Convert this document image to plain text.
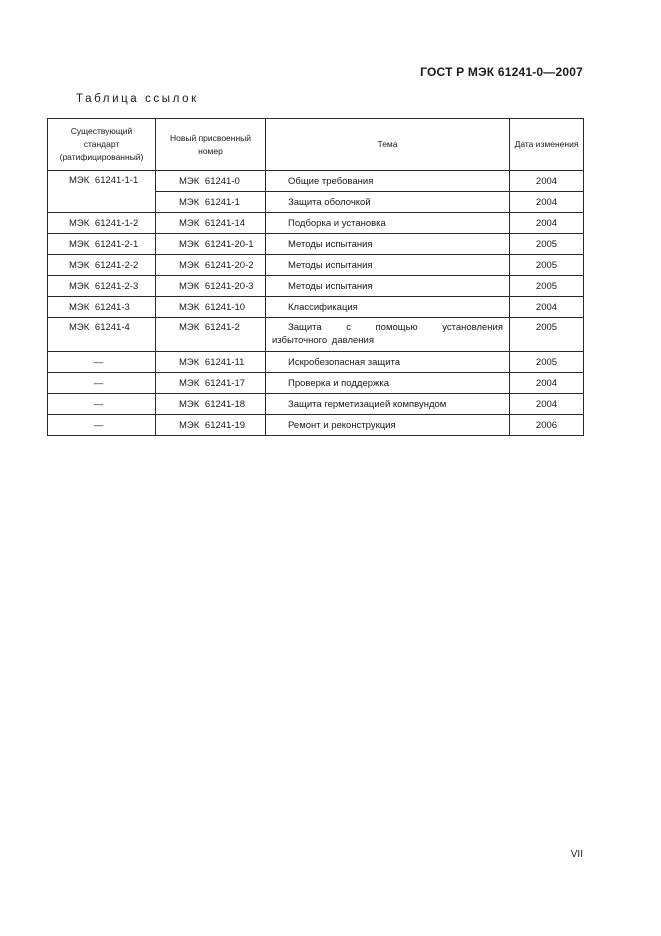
ГОСТ Р МЭК 61241-0—2007
Таблица ссылок
Существующий стандарт (ратифицированный)	Новый присвоенный номер	Тема	Дата изменения
МЭК 61241-1-1	МЭК 61241-0	Общие требования	2004
	МЭК 61241-1	Защита оболочкой	2004
МЭК 61241-1-2	МЭК 61241-14	Подборка и установка	2004
МЭК 61241-2-1	МЭК 61241-20-1	Методы испытания	2005
МЭК 61241-2-2	МЭК 61241-20-2	Методы испытания	2005
МЭК 61241-2-3	МЭК 61241-20-3	Методы испытания	2005
МЭК 61241-3	МЭК 61241-10	Классификация	2004
МЭК 61241-4	МЭК 61241-2	Защита с помощью установления избыточного давления	2005
—	МЭК 61241-11	Искробезопасная защита	2005
—	МЭК 61241-17	Проверка и поддержка	2004
—	МЭК 61241-18	Защита герметизацией компвундом	2004
—	МЭК 61241-19	Ремонт и реконструкция	2006
VII
